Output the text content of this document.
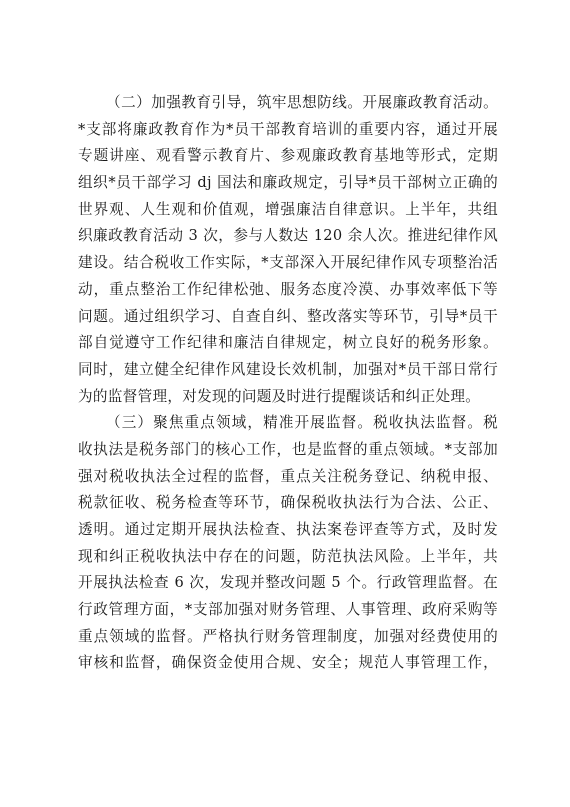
（二）加强教育引导，筑牢思想防线。开展廉政教育活动。
*支部将廉政教育作为*员干部教育培训的重要内容，通过开展
专题讲座、观看警示教育片、参观廉政教育基地等形式，定期
组织*员干部学习 dj 国法和廉政规定，引导*员干部树立正确的
世界观、人生观和价值观，增强廉洁自律意识。上半年，共组
织廉政教育活动 3 次，参与人数达 120 余人次。推进纪律作风
建设。结合税收工作实际，*支部深入开展纪律作风专项整治活
动，重点整治工作纪律松弛、服务态度冷漠、办事效率低下等
问题。通过组织学习、自查自纠、整改落实等环节，引导*员干
部自觉遵守工作纪律和廉洁自律规定，树立良好的税务形象。
同时，建立健全纪律作风建设长效机制，加强对*员干部日常行
为的监督管理，对发现的问题及时进行提醒谈话和纠正处理。
（三）聚焦重点领域，精准开展监督。税收执法监督。税
收执法是税务部门的核心工作，也是监督的重点领域。*支部加
强对税收执法全过程的监督，重点关注税务登记、纳税申报、
税款征收、税务检查等环节，确保税收执法行为合法、公正、
透明。通过定期开展执法检查、执法案卷评查等方式，及时发
现和纠正税收执法中存在的问题，防范执法风险。上半年，共
开展执法检查 6 次，发现并整改问题 5 个。行政管理监督。在
行政管理方面，*支部加强对财务管理、人事管理、政府采购等
重点领域的监督。严格执行财务管理制度，加强对经费使用的
审核和监督，确保资金使用合规、安全；规范人事管理工作，
